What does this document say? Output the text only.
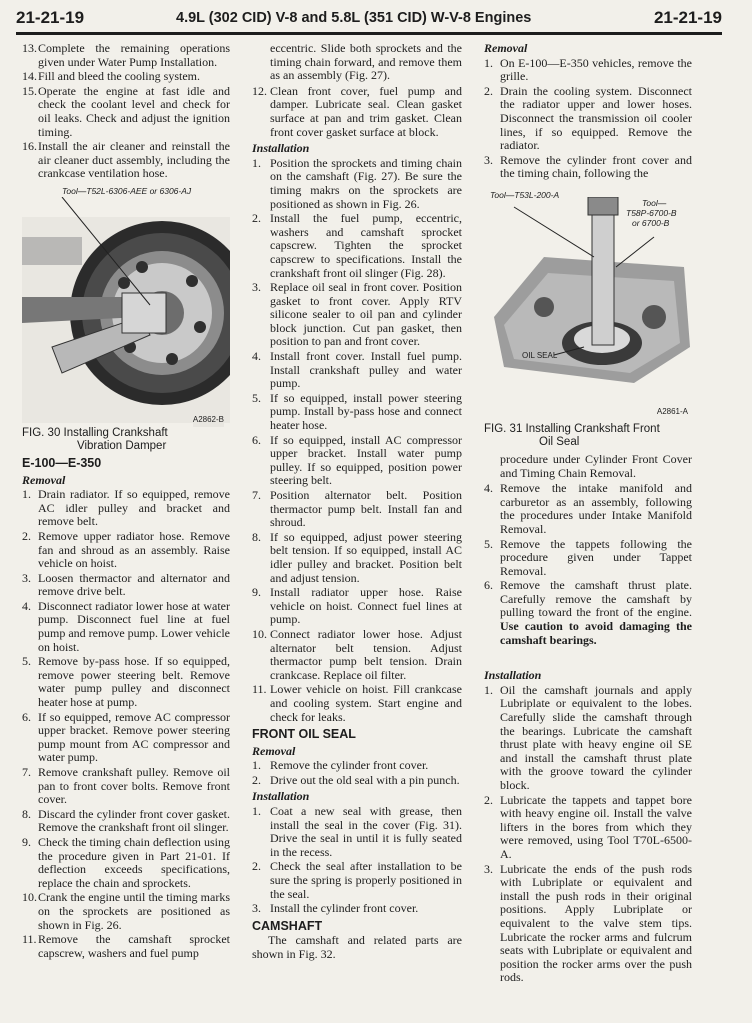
21-21-19	4.9L (302 CID) V-8 and 5.8L (351 CID) W-V-8 Engines	21-21-19
13. Complete the remaining operations given under Water Pump Installation.
14. Fill and bleed the cooling system.
15. Operate the engine at fast idle and check the coolant level and check for oil leaks. Check and adjust the ignition timing.
16. Install the air cleaner and reinstall the air cleaner duct assembly, including the crankcase ventilation hose.
Tool—T52L-6306-AEE or 6306-AJ
A2862-B
FIG. 30 Installing Crankshaft
Vibration Damper
E-100—E-350
Removal
1. Drain radiator. If so equipped, remove AC idler pulley and bracket and remove belt.
2. Remove upper radiator hose. Remove fan and shroud as an assembly. Raise vehicle on hoist.
3. Loosen thermactor and alternator and remove drive belt.
4. Disconnect radiator lower hose at water pump. Disconnect fuel line at fuel pump and remove pump. Lower vehicle on hoist.
5. Remove by-pass hose. If so equipped, remove power steering belt. Remove water pump pulley and disconnect heater hose at pump.
6. If so equipped, remove AC compressor upper bracket. Remove power steering pump mount from AC compressor and water pump.
7. Remove crankshaft pulley. Remove oil pan to front cover bolts. Remove front cover.
8. Discard the cylinder front cover gasket. Remove the crankshaft front oil slinger.
9. Check the timing chain deflection using the procedure given in Part 21-01. If deflection exceeds specifications, replace the chain and sprockets.
10. Crank the engine until the timing marks on the sprockets are positioned as shown in Fig. 26.
11. Remove the camshaft sprocket capscrew, washers and fuel pump

eccentric. Slide both sprockets and the timing chain forward, and remove them as an assembly (Fig. 27).

12. Clean front cover, fuel pump and damper. Lubricate seal. Clean gasket surface at pan and trim gasket. Clean front cover gasket surface at block.
Installation
1. Position the sprockets and timing chain on the camshaft (Fig. 27). Be sure the timing makrs on the sprockets are positioned as shown in Fig. 26.
2. Install the fuel pump, eccentric, washers and camshaft sprocket capscrew. Tighten the sprocket capscrew to specifications. Install the crankshaft front oil slinger (Fig. 28).
3. Replace oil seal in front cover. Position gasket to front cover. Apply RTV silicone sealer to oil pan and cylinder block junction. Cut pan gasket, then position to pan and front cover.
4. Install front cover. Install fuel pump. Install crankshaft pulley and water pump.
5. If so equipped, install power steering pump. Install by-pass hose and connect heater hose.
6. If so equipped, install AC compressor upper bracket. Install water pump pulley. If so equipped, position power steering belt.
7. Position alternator belt. Position thermactor pump belt. Install fan and shroud.
8. If so equipped, adjust power steering belt tension. If so equipped, install AC idler pulley and bracket. Position belt and adjust tension.
9. Install radiator upper hose. Raise vehicle on hoist. Connect fuel lines at pump.
10. Connect radiator lower hose. Adjust alternator belt tension. Adjust thermactor pump belt tension. Drain crankcase. Replace oil filter.
11. Lower vehicle on hoist. Fill crankcase and cooling system. Start engine and check for leaks.
FRONT OIL SEAL
Removal
1. Remove the cylinder front cover.
2. Drive out the old seal with a pin punch.
Installation
1. Coat a new seal with grease, then install the seal in the cover (Fig. 31). Drive the seal in until it is fully seated in the recess.
2. Check the seal after installation to be sure the spring is properly positioned in the seal.
3. Install the cylinder front cover.
CAMSHAFT

The camshaft and related parts are shown in Fig. 32.

Removal
1. On E-100—E-350 vehicles, remove the grille.
2. Drain the cooling system. Disconnect the radiator upper and lower hoses. Disconnect the transmission oil cooler lines, if so equipped. Remove the radiator.
3. Remove the cylinder front cover and the timing chain, following the
Tool—T53L-200-A
Tool—
T58P-6700-B
or 6700-B
OIL SEAL
A2861-A
FIG. 31 Installing Crankshaft Front
Oil Seal

procedure under Cylinder Front Cover and Timing Chain Removal.

4. Remove the intake manifold and carburetor as an assembly, following the procedures under Intake Manifold Removal.
5. Remove the tappets following the procedure given under Tappet Removal.
6. Remove the camshaft thrust plate. Carefully remove the camshaft by pulling toward the front of the engine. Use caution to avoid damaging the camshaft bearings.
Installation
1. Oil the camshaft journals and apply Lubriplate or equivalent to the lobes. Carefully slide the camshaft through the bearings. Lubricate the camshaft thrust plate with heavy engine oil SE and install the camshaft thrust plate with the groove toward the cylinder block.
2. Lubricate the tappets and tappet bore with heavy engine oil. Install the valve lifters in the bores from which they were removed, using Tool T70L-6500-A.
3. Lubricate the ends of the push rods with Lubriplate or equivalent and install the push rods in their original positions. Apply Lubriplate or equivalent to the valve stem tips. Lubricate the rocker arms and fulcrum seats with Lubriplate or equivalent and position the rocker arms over the push rods.
